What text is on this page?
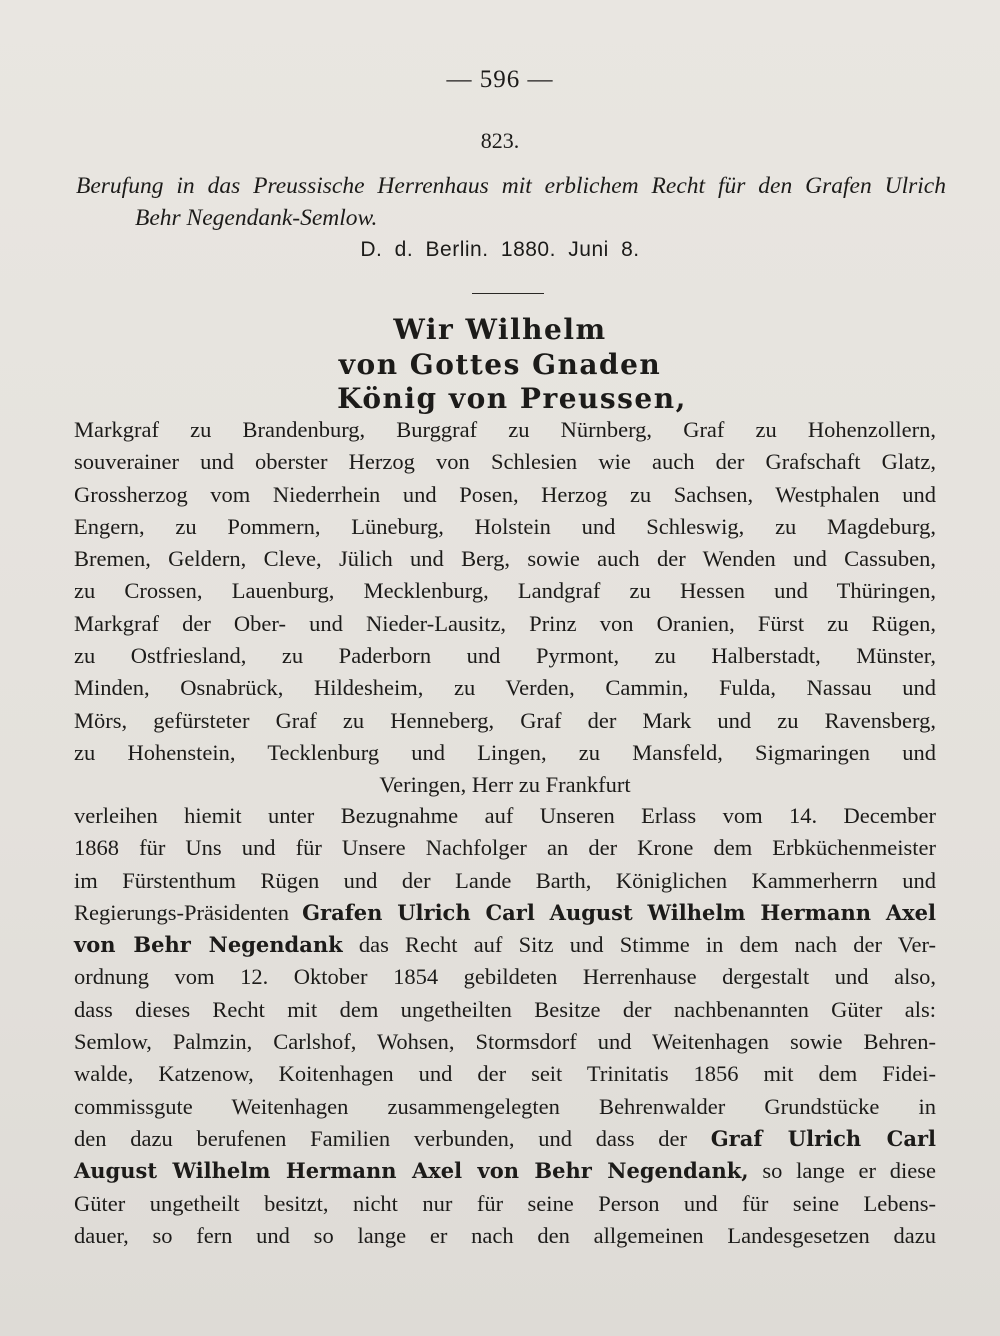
— 596 —
823.
Berufung in das Preussische Herrenhaus mit erblichem Recht für den Grafen Ulrich
Behr Negendank-Semlow.
D. d. Berlin. 1880. Juni 8.
Wir Wilhelm
von Gottes Gnaden
König von Preussen,
Markgraf zu Brandenburg, Burggraf zu Nürnberg, Graf zu Hohenzollern,
souverainer und oberster Herzog von Schlesien wie auch der Grafschaft Glatz,
Grossherzog vom Niederrhein und Posen, Herzog zu Sachsen, Westphalen und
Engern, zu Pommern, Lüneburg, Holstein und Schleswig, zu Magdeburg,
Bremen, Geldern, Cleve, Jülich und Berg, sowie auch der Wenden und Cassuben,
zu Crossen, Lauenburg, Mecklenburg, Landgraf zu Hessen und Thüringen,
Markgraf der Ober- und Nieder-Lausitz, Prinz von Oranien, Fürst zu Rügen,
zu Ostfriesland, zu Paderborn und Pyrmont, zu Halberstadt, Münster,
Minden, Osnabrück, Hildesheim, zu Verden, Cammin, Fulda, Nassau und
Mörs, gefürsteter Graf zu Henneberg, Graf der Mark und zu Ravensberg,
zu Hohenstein, Tecklenburg und Lingen, zu Mansfeld, Sigmaringen und
Veringen, Herr zu Frankfurt
verleihen hiemit unter Bezugnahme auf Unseren Erlass vom 14. December
1868 für Uns und für Unsere Nachfolger an der Krone dem Erbküchenmeister
im Fürstenthum Rügen und der Lande Barth, Königlichen Kammerherrn und
Regierungs-Präsidenten Grafen Ulrich Carl August Wilhelm Hermann Axel
von Behr Negendank das Recht auf Sitz und Stimme in dem nach der Ver-
ordnung vom 12. Oktober 1854 gebildeten Herrenhause dergestalt und also,
dass dieses Recht mit dem ungetheilten Besitze der nachbenannten Güter als:
Semlow, Palmzin, Carlshof, Wohsen, Stormsdorf und Weitenhagen sowie Behren-
walde, Katzenow, Koitenhagen und der seit Trinitatis 1856 mit dem Fidei-
commissgute Weitenhagen zusammengelegten Behrenwalder Grundstücke in
den dazu berufenen Familien verbunden, und dass der Graf Ulrich Carl
August Wilhelm Hermann Axel von Behr Negendank, so lange er diese
Güter ungetheilt besitzt, nicht nur für seine Person und für seine Lebens-
dauer, so fern und so lange er nach den allgemeinen Landesgesetzen dazu
